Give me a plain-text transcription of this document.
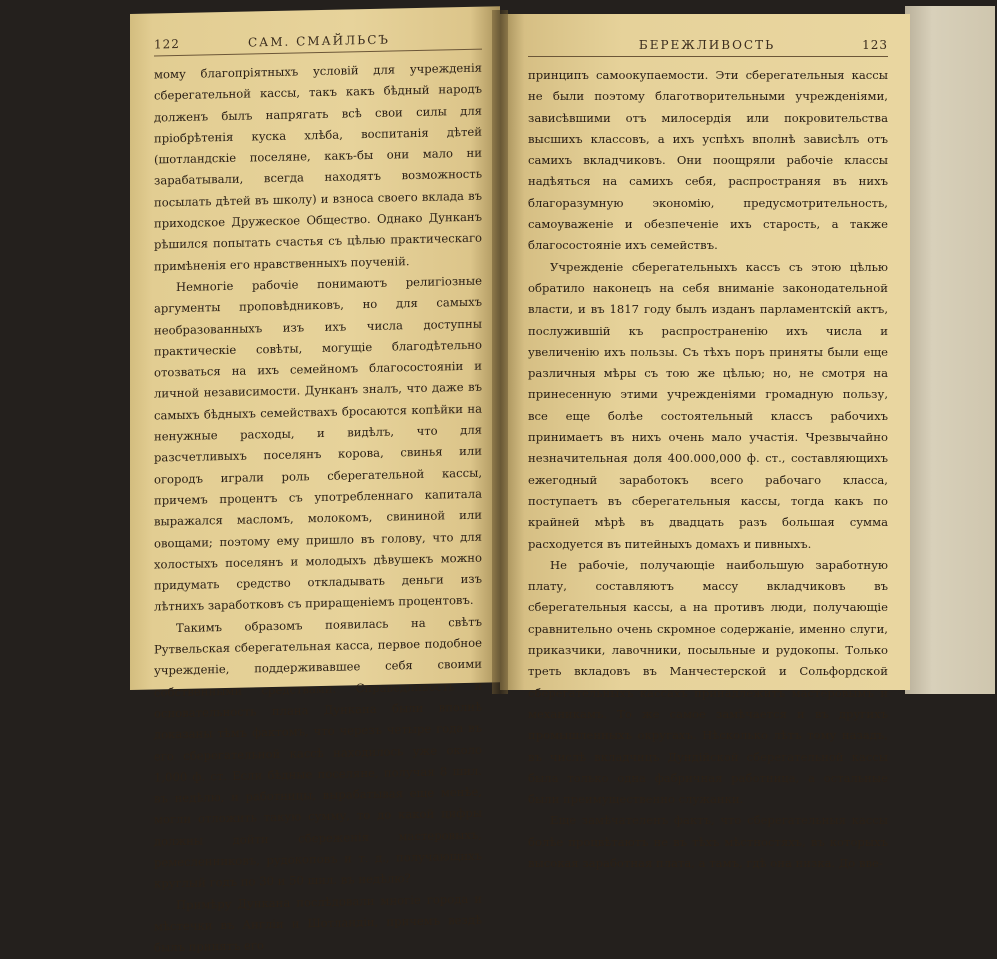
122	САМ. СМАЙЛЬСЪ

мому благопріятныхъ условій для учрежденія сберегательной кассы, такъ какъ бѣдный народъ долженъ былъ напрягать всѣ свои силы для пріобрѣтенія куска хлѣба, воспитанія дѣтей (шотландскіе поселяне, какъ-бы они мало ни зарабатывали, всегда находятъ возможность посылать дѣтей въ школу) и взноса своего вклада въ приходское Дружеское Общество. Однако Дунканъ рѣшился попытать счастья съ цѣлью практическаго примѣненія его нравственныхъ поученій.

Немногіе рабочіе понимаютъ религіозные аргументы проповѣдниковъ, но для самыхъ необразованныхъ изъ ихъ числа доступны практическіе совѣты, могущіе благодѣтельно отозваться на ихъ семейномъ благосостояніи и личной независимости. Дунканъ зналъ, что даже въ самыхъ бѣдныхъ семействахъ бросаются копѣйки на ненужные расходы, и видѣлъ, что для разсчетливыхъ поселянъ корова, свинья или огородъ играли роль сберегательной кассы, причемъ процентъ съ употребленнаго капитала выражался масломъ, молокомъ, свининой или овощами; поэтому ему пришло въ голову, что для холостыхъ поселянъ и молодыхъ дѣвушекъ можно придумать средство откладывать деньги изъ лѣтнихъ заработковъ съ приращеніемъ процентовъ.

Такимъ образомъ появилась на свѣтъ Рутвельская сберегательная касса, первое подобное учрежденіе, поддерживавшее себя своими собственными средствами. Справедливость и основательность плана Дункана были вполнѣ доказаны тѣмъ фактомъ, что черезъ четыре года въ его сберегательной кассѣ находилось уже около 1,000 ф. ст. Если бѣдные поселяне, получая 8 шил. въ недѣлю, и работницы, вырабатывая еще менѣе, могли отложить такую сумму, то до какой цифры должны дойти сбереженія мастеровыхъ, ремесленниковъ, рудокоповъ и т. д., получающихъ круглый годъ по 30 и 50 шил. въ недѣлю?

Примѣру Дункана послѣдовали многіе города и мѣстечки въ Англіи и Шотландіи, причемъ вездѣ былъ принятъ его

БЕРЕЖЛИВОСТЬ	123

принципъ самоокупаемости. Эти сберегательныя кассы не были поэтому благотворительными учрежденіями, зависѣвшими отъ милосердія или покровительства высшихъ классовъ, а ихъ успѣхъ вполнѣ зависѣлъ отъ самихъ вкладчиковъ. Они поощряли рабочіе классы надѣяться на самихъ себя, распространяя въ нихъ благоразумную экономію, предусмотрительность, самоуваженіе и обезпеченіе ихъ старость, а также благосостояніе ихъ семействъ.

Учрежденіе сберегательныхъ кассъ съ этою цѣлью обратило наконецъ на себя вниманіе законодательной власти, и въ 1817 году былъ изданъ парламентскій актъ, послужившій къ распространенію ихъ числа и увеличенію ихъ пользы. Съ тѣхъ поръ приняты были еще различныя мѣры съ тою же цѣлью; но, не смотря на принесенную этими учрежденіями громадную пользу, все еще болѣе состоятельный классъ рабочихъ принимаетъ въ нихъ очень мало участія. Чрезвычайно незначительная доля 400.000,000 ф. ст., составляющихъ ежегодный заработокъ всего рабочаго класса, поступаетъ въ сберегательныя кассы, тогда какъ по крайней мѣрѣ въ двадцать разъ большая сумма расходуется въ питейныхъ домахъ и пивныхъ.

Не рабочіе, получающіе наибольшую заработную плату, составляютъ массу вкладчиковъ въ сберегательныя кассы, а на противъ люди, получающіе сравнительно очень скромное содержаніе, именно слуги, приказчики, лавочники, посыльные и рудокопы. Только треть вкладовъ въ Манчестерской и Сольфордской сберегательныхъ кассахъ принадлежитъ мастеровымъ и механикамъ. То же самое замѣчается и въ другихъ промышленныхъ округахъ. Нѣсколько лѣтъ тому назадъ, въ числѣ вкладчицъ Дундійской сберегательной кассы была только одна фабричная работница, а остальные были преимущественно служанки.

Еще замѣчателенъ фактъ, что сберегательныя кассы болѣе процвѣтаютъ не въ тѣхъ мѣстностяхъ, въ которыхъ высокая заработная плата, а тамъ, гдѣ она низка. До вве-
